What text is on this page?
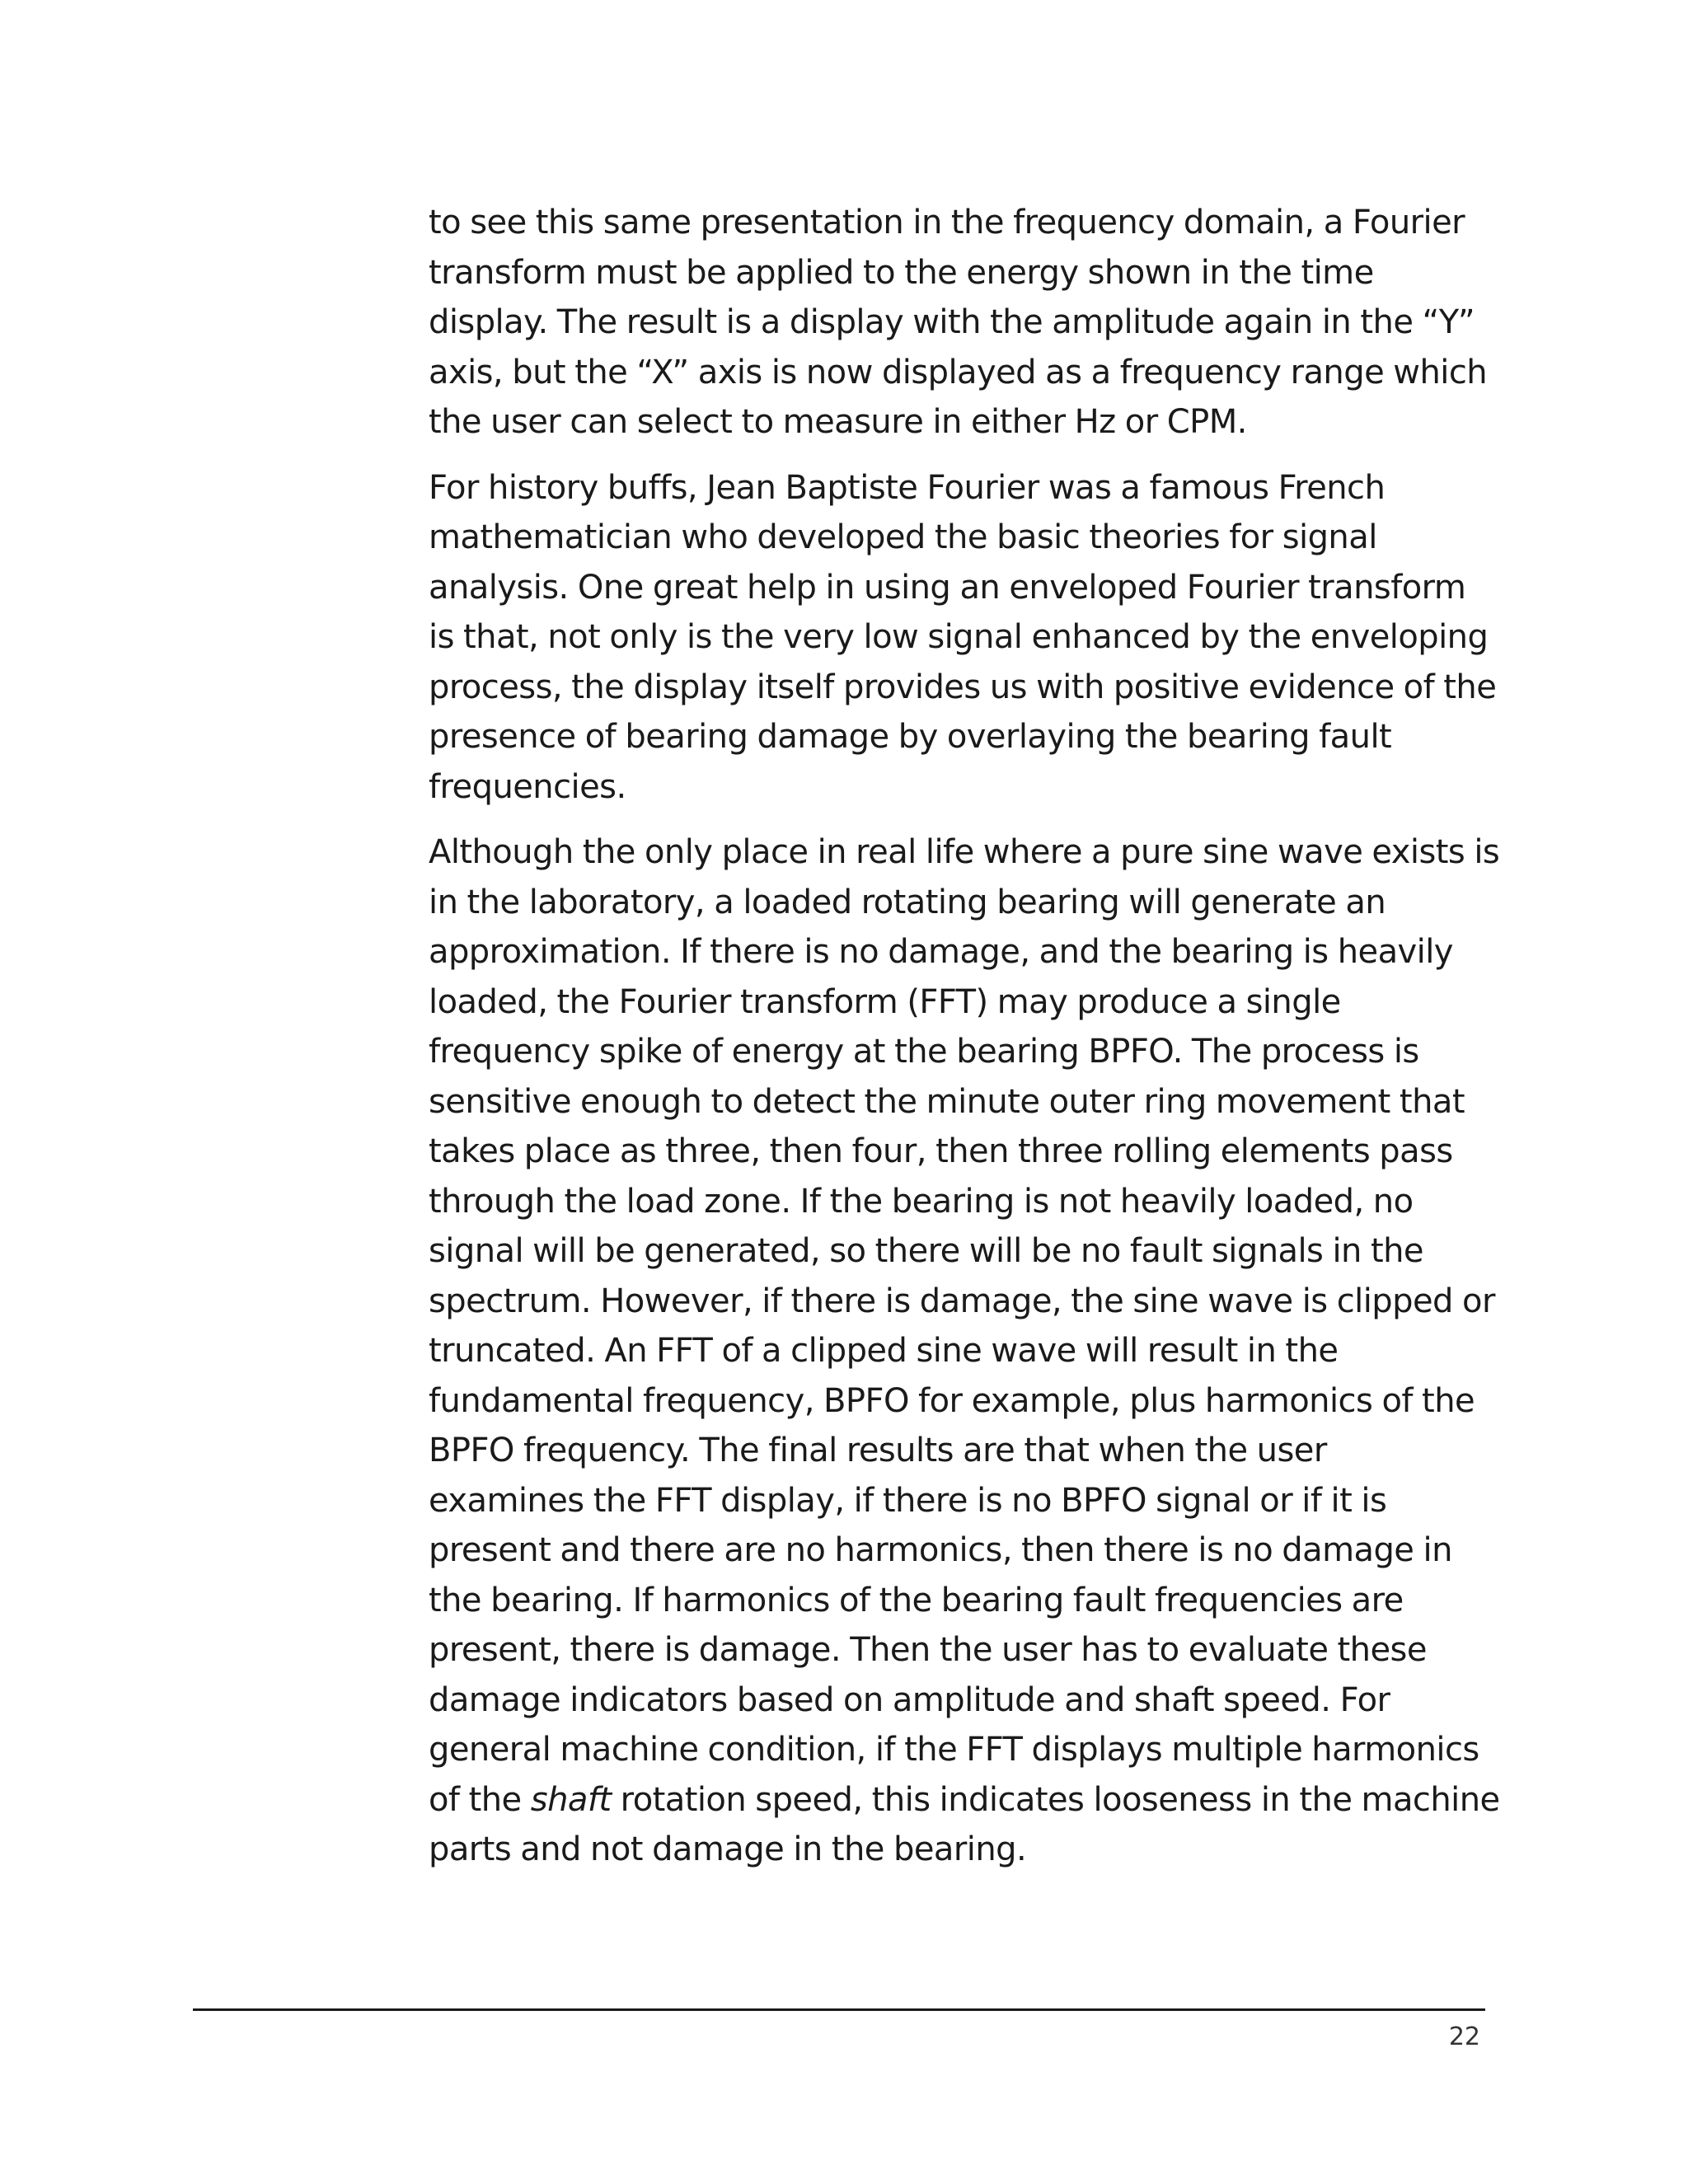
to see this same presentation in the frequency domain, a Fourier
transform must be applied to the energy shown in the time
display. The result is a display with the amplitude again in the “Y”
axis, but the “X” axis is now displayed as a frequency range which
the user can select to measure in either Hz or CPM.

For history buffs, Jean Baptiste Fourier was a famous French
mathematician who developed the basic theories for signal
analysis. One great help in using an enveloped Fourier transform
is that, not only is the very low signal enhanced by the enveloping
process, the display itself provides us with positive evidence of the
presence of bearing damage by overlaying the bearing fault
frequencies.

Although the only place in real life where a pure sine wave exists is
in the laboratory, a loaded rotating bearing will generate an
approximation. If there is no damage, and the bearing is heavily
loaded, the Fourier transform (FFT) may produce a single
frequency spike of energy at the bearing BPFO. The process is
sensitive enough to detect the minute outer ring movement that
takes place as three, then four, then three rolling elements pass
through the load zone. If the bearing is not heavily loaded, no
signal will be generated, so there will be no fault signals in the
spectrum. However, if there is damage, the sine wave is clipped or
truncated. An FFT of a clipped sine wave will result in the
fundamental frequency, BPFO for example, plus harmonics of the
BPFO frequency. The final results are that when the user
examines the FFT display, if there is no BPFO signal or if it is
present and there are no harmonics, then there is no damage in
the bearing. If harmonics of the bearing fault frequencies are
present, there is damage. Then the user has to evaluate these
damage indicators based on amplitude and shaft speed. For
general machine condition, if the FFT displays multiple harmonics
of the shaft rotation speed, this indicates looseness in the machine
parts and not damage in the bearing.

22
